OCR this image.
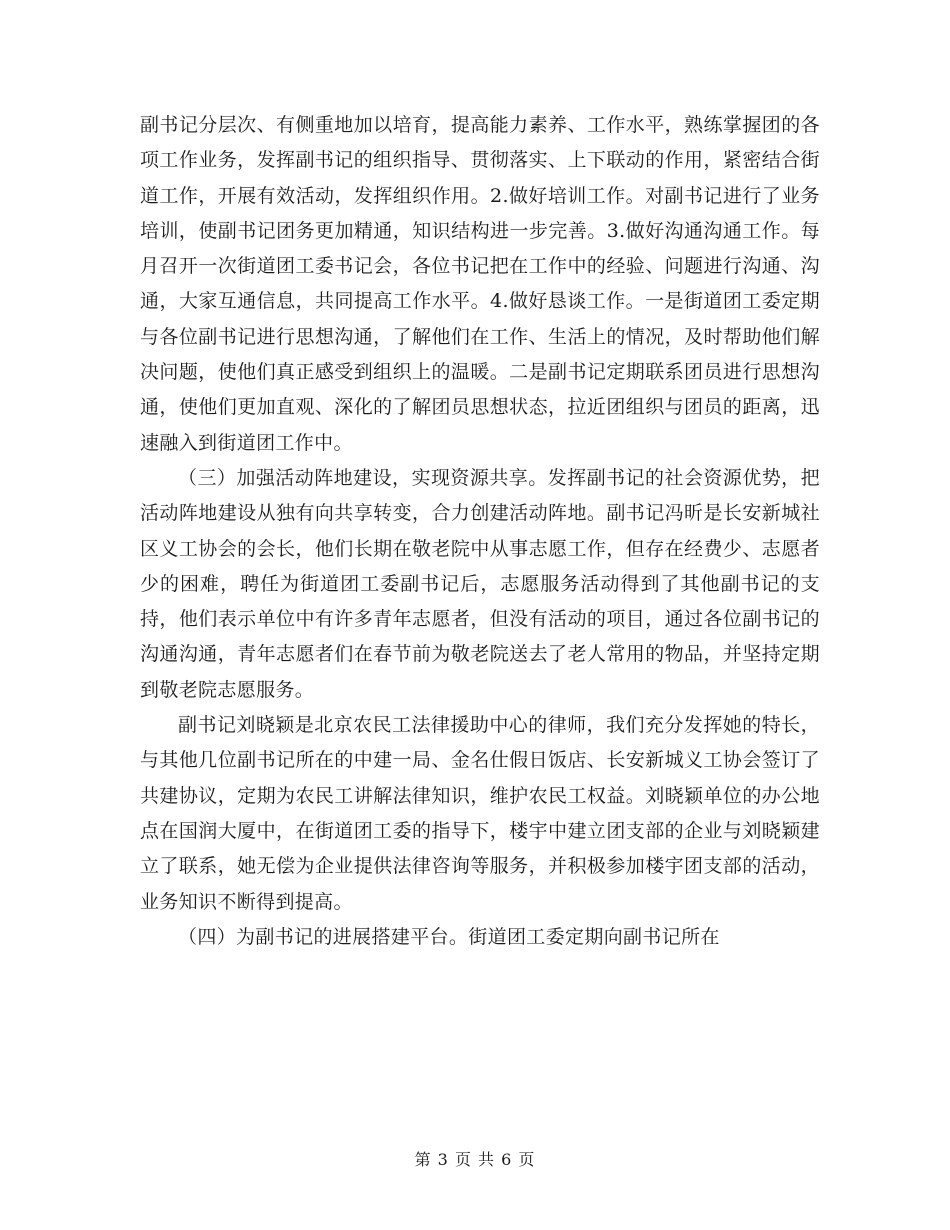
副书记分层次、有侧重地加以培育，提高能力素养、工作水平，熟练掌握团的各项工作业务，发挥副书记的组织指导、贯彻落实、上下联动的作用，紧密结合街道工作，开展有效活动，发挥组织作用。2.做好培训工作。对副书记进行了业务培训，使副书记团务更加精通，知识结构进一步完善。3.做好沟通沟通工作。每月召开一次街道团工委书记会，各位书记把在工作中的经验、问题进行沟通、沟通，大家互通信息，共同提高工作水平。4.做好恳谈工作。一是街道团工委定期与各位副书记进行思想沟通，了解他们在工作、生活上的情况，及时帮助他们解决问题，使他们真正感受到组织上的温暖。二是副书记定期联系团员进行思想沟通，使他们更加直观、深化的了解团员思想状态，拉近团组织与团员的距离，迅速融入到街道团工作中。

（三）加强活动阵地建设，实现资源共享。发挥副书记的社会资源优势，把活动阵地建设从独有向共享转变，合力创建活动阵地。副书记冯昕是长安新城社区义工协会的会长，他们长期在敬老院中从事志愿工作，但存在经费少、志愿者少的困难，聘任为街道团工委副书记后，志愿服务活动得到了其他副书记的支持，他们表示单位中有许多青年志愿者，但没有活动的项目，通过各位副书记的沟通沟通，青年志愿者们在春节前为敬老院送去了老人常用的物品，并坚持定期到敬老院志愿服务。

副书记刘晓颖是北京农民工法律援助中心的律师，我们充分发挥她的特长，与其他几位副书记所在的中建一局、金名仕假日饭店、长安新城义工协会签订了共建协议，定期为农民工讲解法律知识，维护农民工权益。刘晓颖单位的办公地点在国润大厦中，在街道团工委的指导下，楼宇中建立团支部的企业与刘晓颖建立了联系，她无偿为企业提供法律咨询等服务，并积极参加楼宇团支部的活动，业务知识不断得到提高。

（四）为副书记的进展搭建平台。街道团工委定期向副书记所在

第 3 页 共 6 页
